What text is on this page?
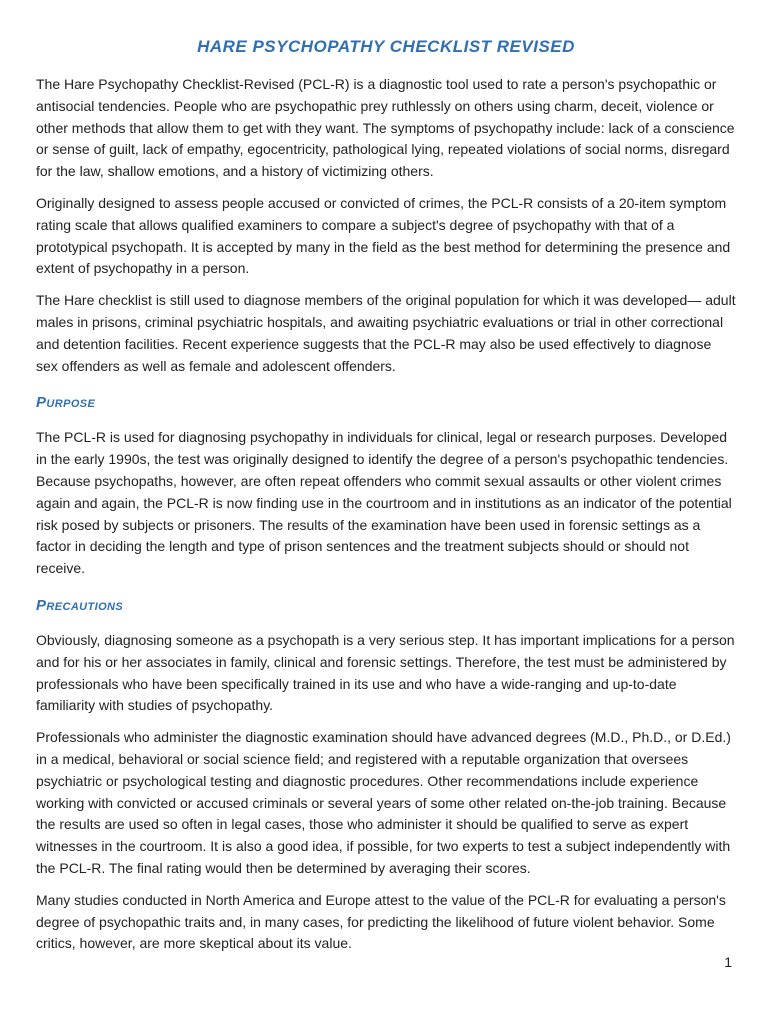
HARE PSYCHOPATHY CHECKLIST REVISED

The Hare Psychopathy Checklist-Revised (PCL-R) is a diagnostic tool used to rate a person's psychopathic or antisocial tendencies. People who are psychopathic prey ruthlessly on others using charm, deceit, violence or other methods that allow them to get with they want. The symptoms of psychopathy include: lack of a conscience or sense of guilt, lack of empathy, egocentricity, pathological lying, repeated violations of social norms, disregard for the law, shallow emotions, and a history of victimizing others.

Originally designed to assess people accused or convicted of crimes, the PCL-R consists of a 20-item symptom rating scale that allows qualified examiners to compare a subject's degree of psychopathy with that of a prototypical psychopath. It is accepted by many in the field as the best method for determining the presence and extent of psychopathy in a person.

The Hare checklist is still used to diagnose members of the original population for which it was developed— adult males in prisons, criminal psychiatric hospitals, and awaiting psychiatric evaluations or trial in other correctional and detention facilities. Recent experience suggests that the PCL-R may also be used effectively to diagnose sex offenders as well as female and adolescent offenders.

Purpose

The PCL-R is used for diagnosing psychopathy in individuals for clinical, legal or research purposes. Developed in the early 1990s, the test was originally designed to identify the degree of a person's psychopathic tendencies. Because psychopaths, however, are often repeat offenders who commit sexual assaults or other violent crimes again and again, the PCL-R is now finding use in the courtroom and in institutions as an indicator of the potential risk posed by subjects or prisoners. The results of the examination have been used in forensic settings as a factor in deciding the length and type of prison sentences and the treatment subjects should or should not receive.

Precautions

Obviously, diagnosing someone as a psychopath is a very serious step. It has important implications for a person and for his or her associates in family, clinical and forensic settings. Therefore, the test must be administered by professionals who have been specifically trained in its use and who have a wide-ranging and up-to-date familiarity with studies of psychopathy.

Professionals who administer the diagnostic examination should have advanced degrees (M.D., Ph.D., or D.Ed.) in a medical, behavioral or social science field; and registered with a reputable organization that oversees psychiatric or psychological testing and diagnostic procedures. Other recommendations include experience working with convicted or accused criminals or several years of some other related on-the-job training. Because the results are used so often in legal cases, those who administer it should be qualified to serve as expert witnesses in the courtroom. It is also a good idea, if possible, for two experts to test a subject independently with the PCL-R. The final rating would then be determined by averaging their scores.

Many studies conducted in North America and Europe attest to the value of the PCL-R for evaluating a person's degree of psychopathic traits and, in many cases, for predicting the likelihood of future violent behavior. Some critics, however, are more skeptical about its value.

1
